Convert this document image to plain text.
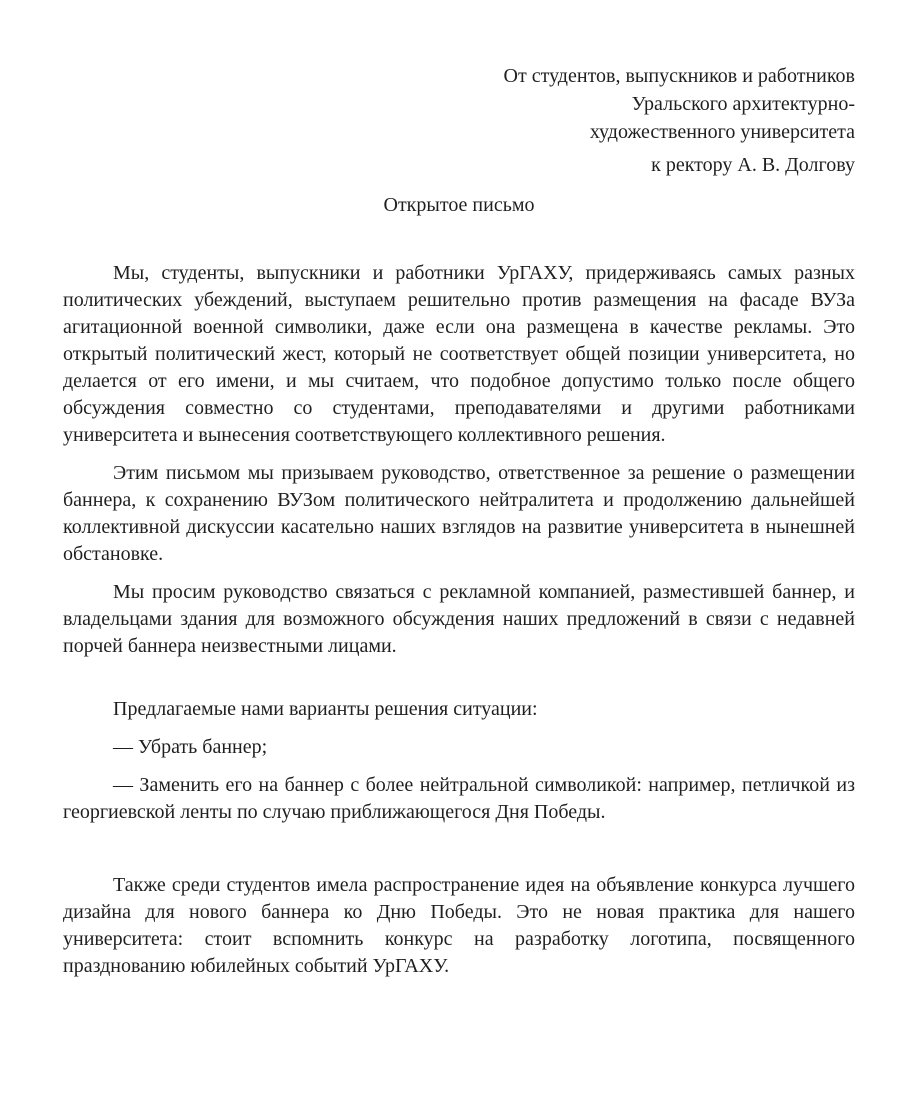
От студентов, выпускников и работников
Уральского архитектурно-
художественного университета
к ректору А. В. Долгову
Открытое письмо

Мы, студенты, выпускники и работники УрГАХУ, придерживаясь самых разных политических убеждений, выступаем решительно против размещения на фасаде ВУЗа агитационной военной символики, даже если она размещена в качестве рекламы. Это открытый политический жест, который не соответствует общей позиции университета, но делается от его имени, и мы считаем, что подобное допустимо только после общего обсуждения совместно со студентами, преподавателями и другими работниками университета и вынесения соответствующего коллективного решения.

Этим письмом мы призываем руководство, ответственное за решение о размещении баннера, к сохранению ВУЗом политического нейтралитета и продолжению дальнейшей коллективной дискуссии касательно наших взглядов на развитие университета в нынешней обстановке.

Мы просим руководство связаться с рекламной компанией, разместившей баннер, и владельцами здания для возможного обсуждения наших предложений в связи с недавней порчей баннера неизвестными лицами.

Предлагаемые нами варианты решения ситуации:

— Убрать баннер;

— Заменить его на баннер с более нейтральной символикой: например, петличкой из георгиевской ленты по случаю приближающегося Дня Победы.

Также среди студентов имела распространение идея на объявление конкурса лучшего дизайна для нового баннера ко Дню Победы. Это не новая практика для нашего университета: стоит вспомнить конкурс на разработку логотипа, посвященного празднованию юбилейных событий УрГАХУ.
